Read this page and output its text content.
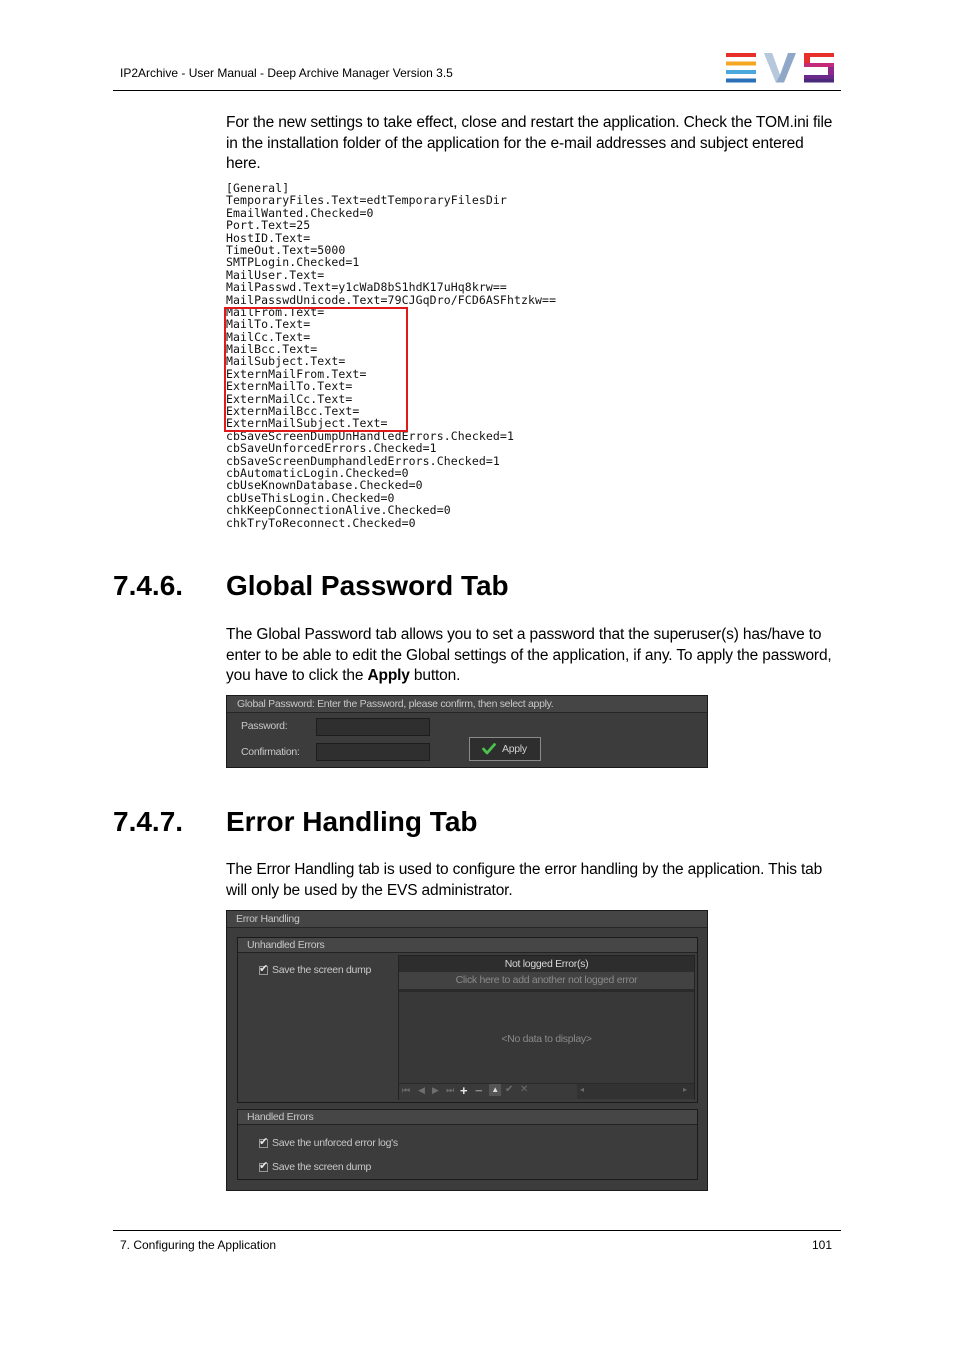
IP2Archive - User Manual - Deep Archive Manager Version 3.5
For the new settings to take effect, close and restart the application. Check the TOM.ini file in the installation folder of the application for the e-mail addresses and subject entered here.
[General]
TemporaryFiles.Text=edtTemporaryFilesDir
EmailWanted.Checked=0
Port.Text=25
HostID.Text=
TimeOut.Text=5000
SMTPLogin.Checked=1
MailUser.Text=
MailPasswd.Text=y1cWaD8bS1hdK17uHq8krw==
MailPasswdUnicode.Text=79CJGqDro/FCD6ASFhtzkw==
MailFrom.Text=
MailTo.Text=
MailCc.Text=
MailBcc.Text=
MailSubject.Text=
ExternMailFrom.Text=
ExternMailTo.Text=
ExternMailCc.Text=
ExternMailBcc.Text=
ExternMailSubject.Text=
cbSaveScreenDumpUnHandledErrors.Checked=1
cbSaveUnforcedErrors.Checked=1
cbSaveScreenDumphandledErrors.Checked=1
cbAutomaticLogin.Checked=0
cbUseKnownDatabase.Checked=0
cbUseThisLogin.Checked=0
chkKeepConnectionAlive.Checked=0
chkTryToReconnect.Checked=0
7.4.6. Global Password Tab
The Global Password tab allows you to set a password that the superuser(s) has/have to enter to be able to edit the Global settings of the application, if any. To apply the password, you have to click the Apply button.
Global Password: Enter the Password, please confirm, then select apply.
Password:
Confirmation:	Apply
7.4.7. Error Handling Tab
The Error Handling tab is used to configure the error handling by the application. This tab will only be used by the EVS administrator.
Error Handling
Unhandled Errors
✔ Save the screen dump	Not logged Error(s)
Click here to add another not logged error
<No data to display>
⏮ ◀ ▶ ⏭ + − ▲ ✔ ✕	◂	▸
Handled Errors
✔ Save the unforced error log's
✔ Save the screen dump
7. Configuring the Application	101
